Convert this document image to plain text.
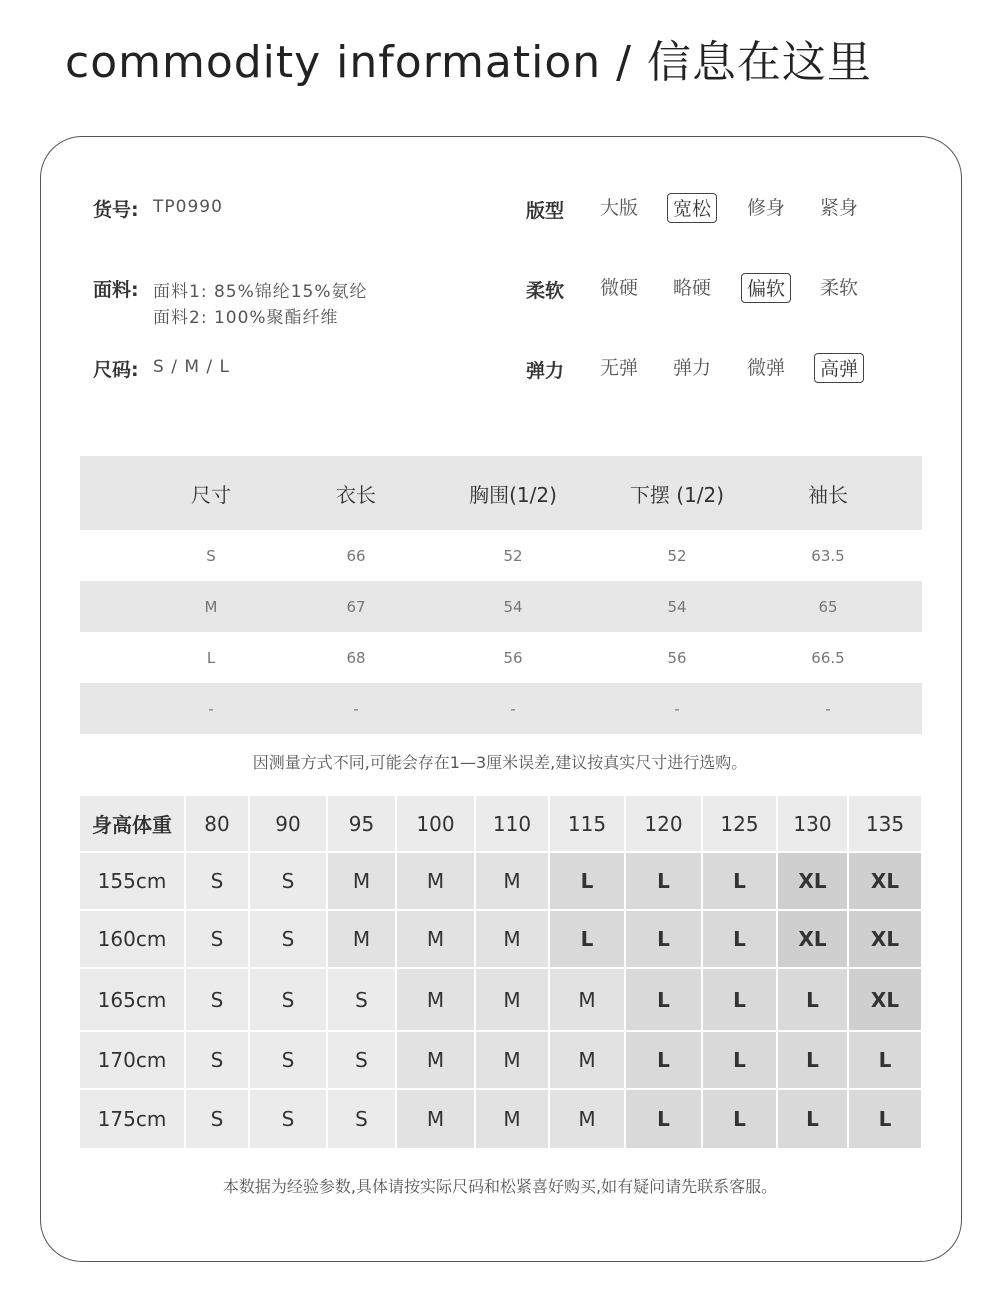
commodity information / 信息在这里
货号: TP0990
面料: 面料1: 85%锦纶15%氨纶
面料2: 100%聚酯纤维
尺码: S / M / L
版型	大版	宽松	修身	紧身
柔软	微硬	略硬	偏软	柔软
弹力	无弹	弹力	微弹	高弹
尺寸	衣长	胸围(1/2)	下摆 (1/2)	袖长
S	66	52	52	63.5
M	67	54	54	65
L	68	56	56	66.5
-	-	-	-	-
因测量方式不同,可能会存在1—3厘米误差,建议按真实尺寸进行选购。
身高体重	80	90	95	100	110	115	120	125	130	135
155cm	S	S	M	M	M	L	L	L	XL	XL
160cm	S	S	M	M	M	L	L	L	XL	XL
165cm	S	S	S	M	M	M	L	L	L	XL
170cm	S	S	S	M	M	M	L	L	L	L
175cm	S	S	S	M	M	M	L	L	L	L
本数据为经验参数,具体请按实际尺码和松紧喜好购买,如有疑问请先联系客服。
